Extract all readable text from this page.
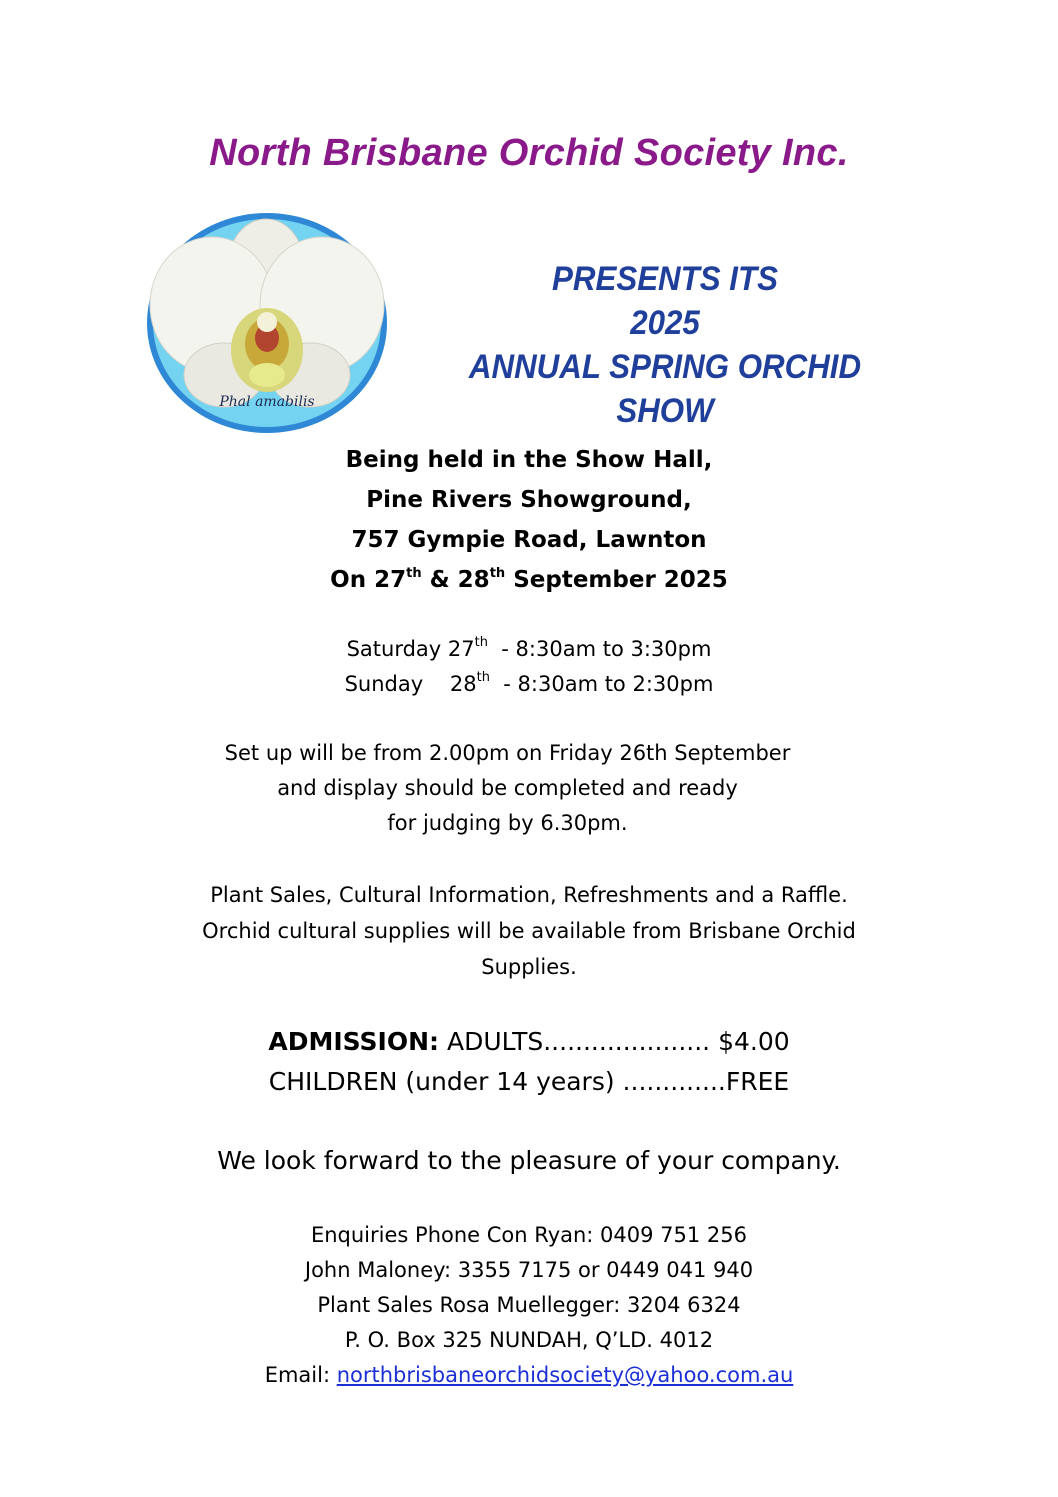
North Brisbane Orchid Society Inc.
Phal amabilis
PRESENTS ITS
2025
ANNUAL SPRING ORCHID SHOW
Being held in the Show Hall,
Pine Rivers Showground,
757 Gympie Road, Lawnton
On 27th & 28th September 2025
Saturday 27th  - 8:30am to 3:30pm
Sunday    28th  - 8:30am to 2:30pm
Set up will be from 2.00pm on Friday 26th September
and display should be completed and ready
for judging by 6.30pm.
Plant Sales, Cultural Information, Refreshments and a Raffle.
Orchid cultural supplies will be available from Brisbane Orchid
Supplies.
ADMISSION: ADULTS..................... $4.00
CHILDREN (under 14 years) .............FREE
We look forward to the pleasure of your company.
Enquiries Phone Con Ryan: 0409 751 256
John Maloney: 3355 7175 or 0449 041 940
Plant Sales Rosa Muellegger: 3204 6324
P. O. Box 325 NUNDAH, Q’LD. 4012
Email: northbrisbaneorchidsociety@yahoo.com.au
